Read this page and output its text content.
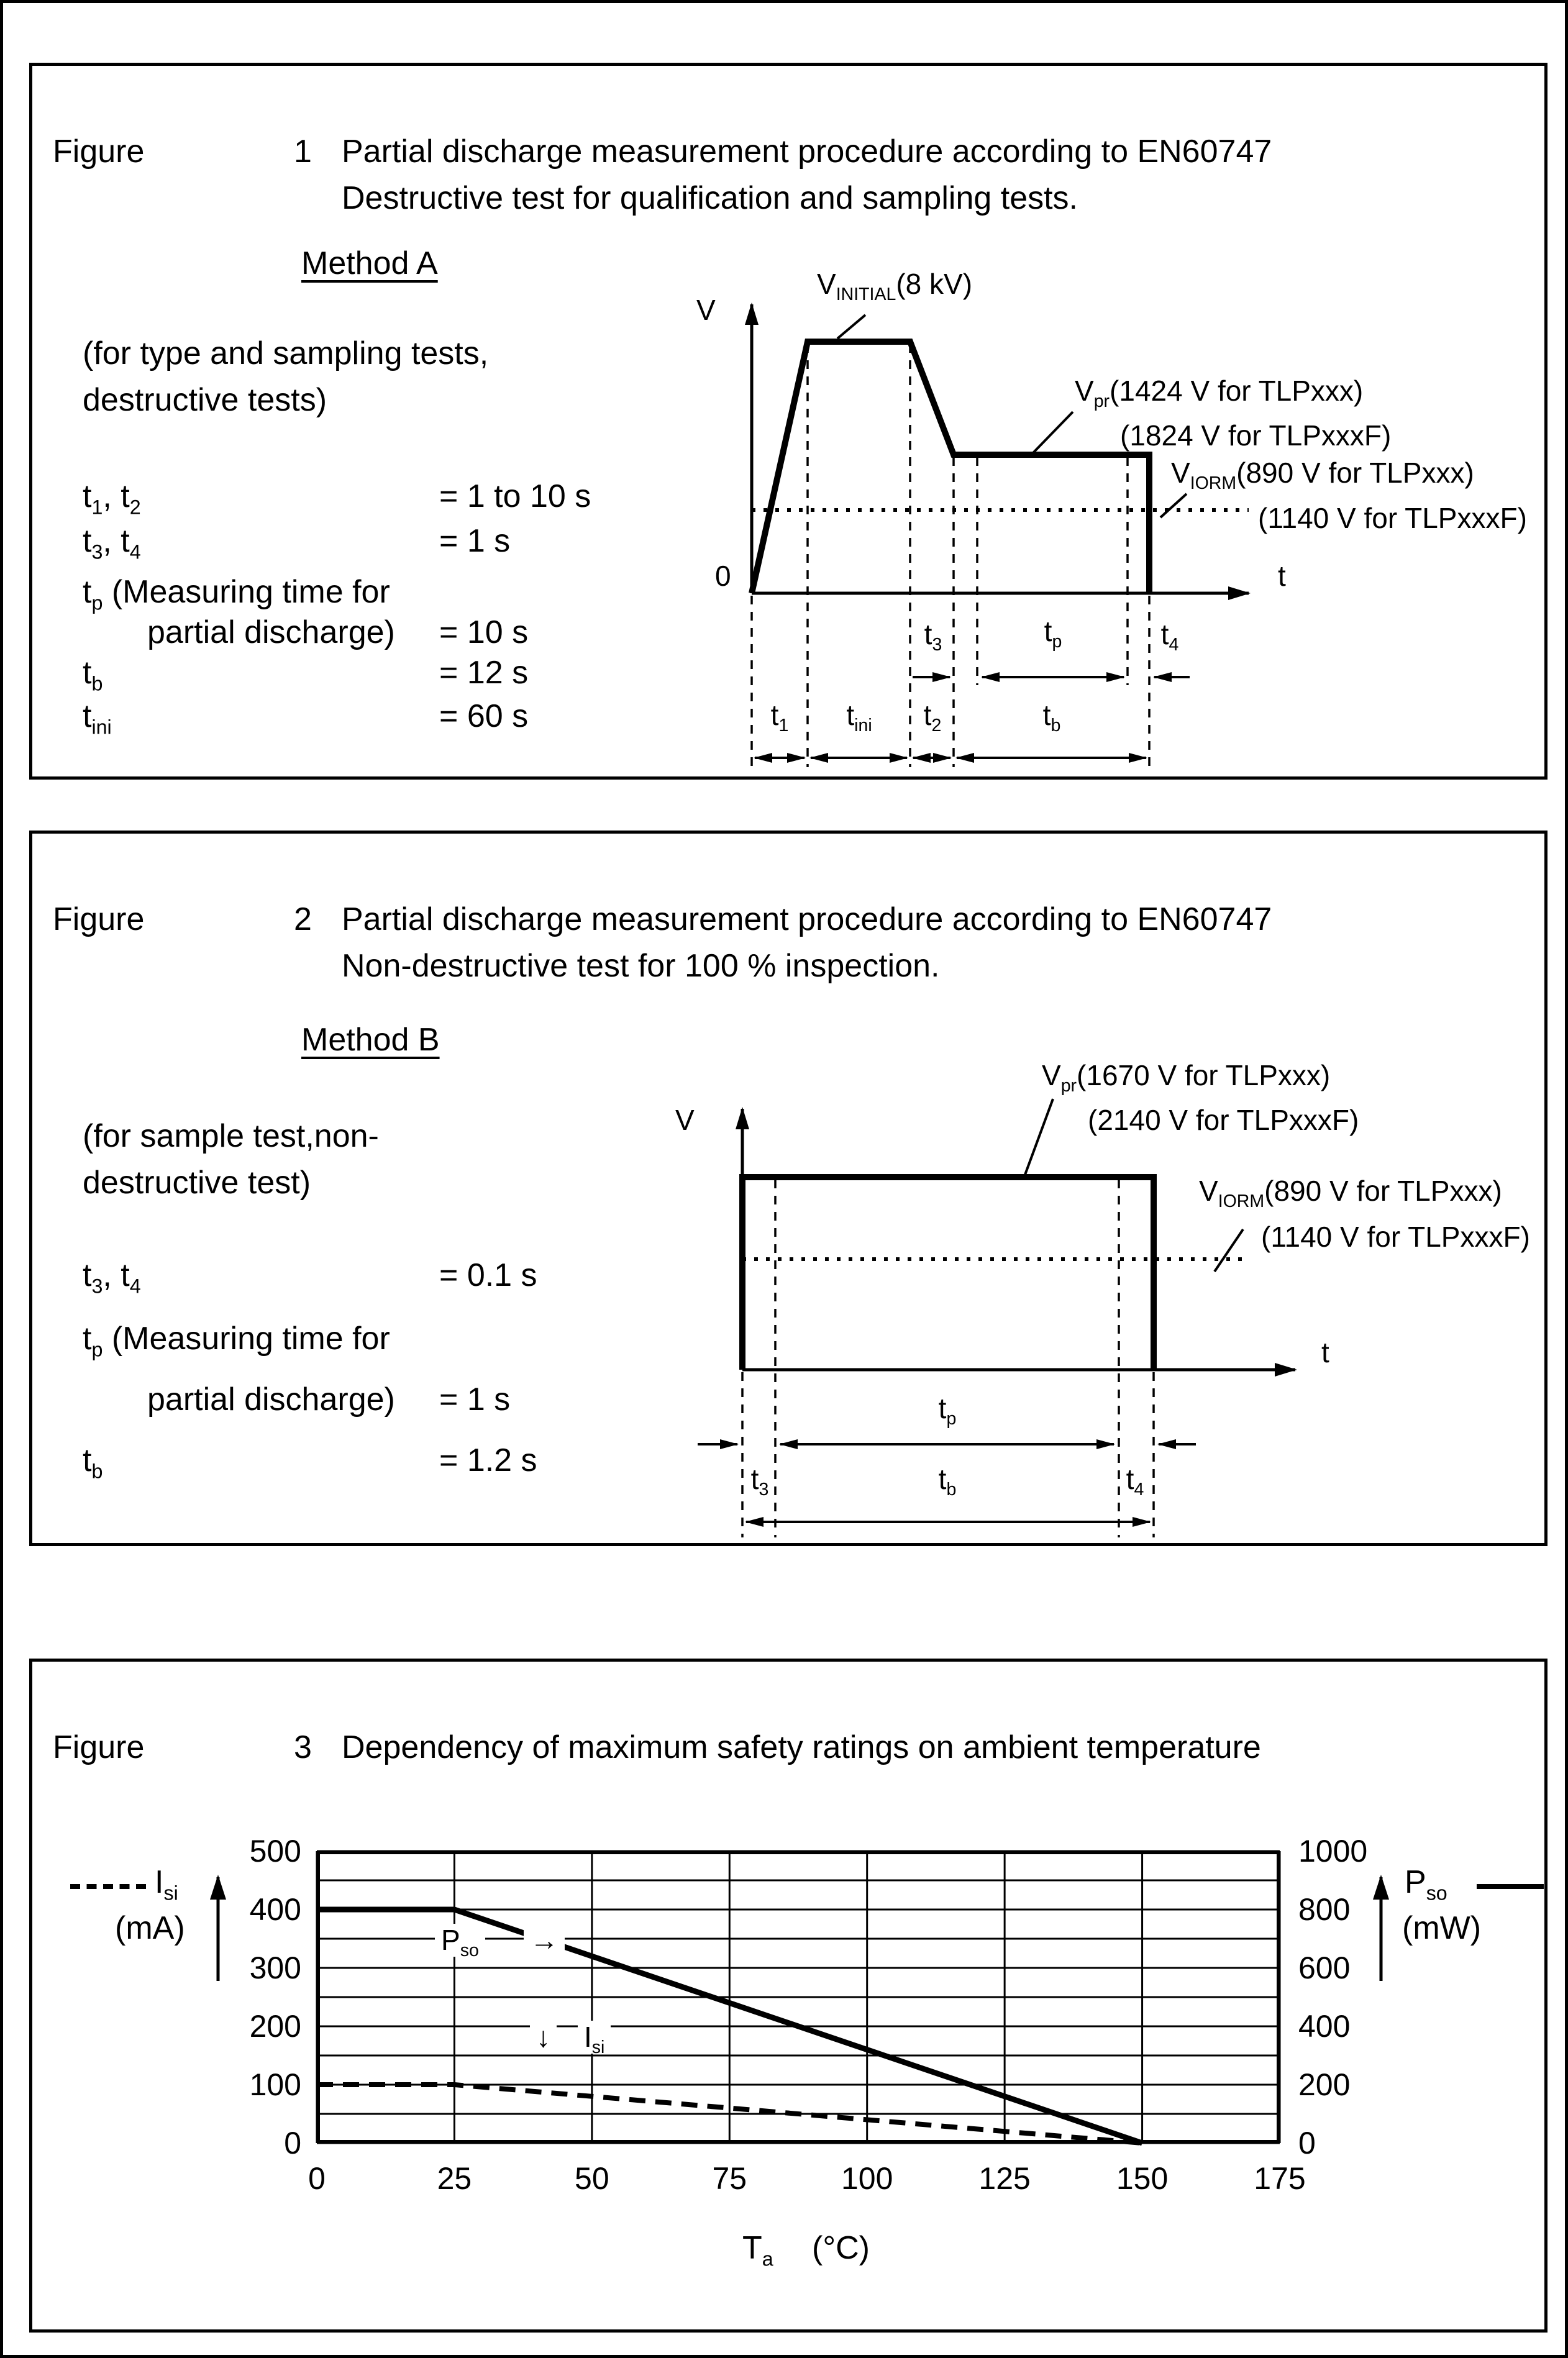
Figure	1 Partial discharge measurement procedure according to EN60747
Destructive test for qualification and sampling tests.
Method A
(for type and sampling tests,
destructive tests)
$t_1$, $t_2$	= 1 to 10 s
$t_3$, $t_4$	= 1 s
$t_p$ (Measuring time for
partial discharge) = 10 s
$t_b$	= 12 s
$t_{ini}$	= 60 s
V
0	t
$V_{INITIAL}(8$ kV)
$V_{pr}(1424$ V for TLPxxx)
(1824 V for TLPxxxF)
$V_{IORM}(890$ V for TLPxxx)
(1140 V for TLPxxxF)
$t_3$	$t_p$	$t_4$
$t_1$ $t_{ini}$ $t_2$	$t_b$
Figure	2 Partial discharge measurement procedure according to EN60747
Non-destructive test for 100 % inspection.
Method B
(for sample test,non-
destructive test)
$t_3$, $t_4$	= 0.1 s
$t_p$ (Measuring time for
partial discharge) = 1 s
$t_b$	= 1.2 s
V
t
$V_{pr}(1670$ V for TLPxxx)
(2140 V for TLPxxxF)
$V_{IORM}(890$ V for TLPxxx)
(1140 V for TLPxxxF)
$t_p$
$t_3$	$t_b$	$t_4$
Figure	3 Dependency of maximum safety ratings on ambient temperature
$I_{si}$
(mA)
$P_{so}$
(mW)
$P_{so}$ →
↓ $I_{si}$
$T_a$ (°C)
0	25	50	75	100	125	150	175
0
100
200
300
400
500
0
200
400
600
800
1000
